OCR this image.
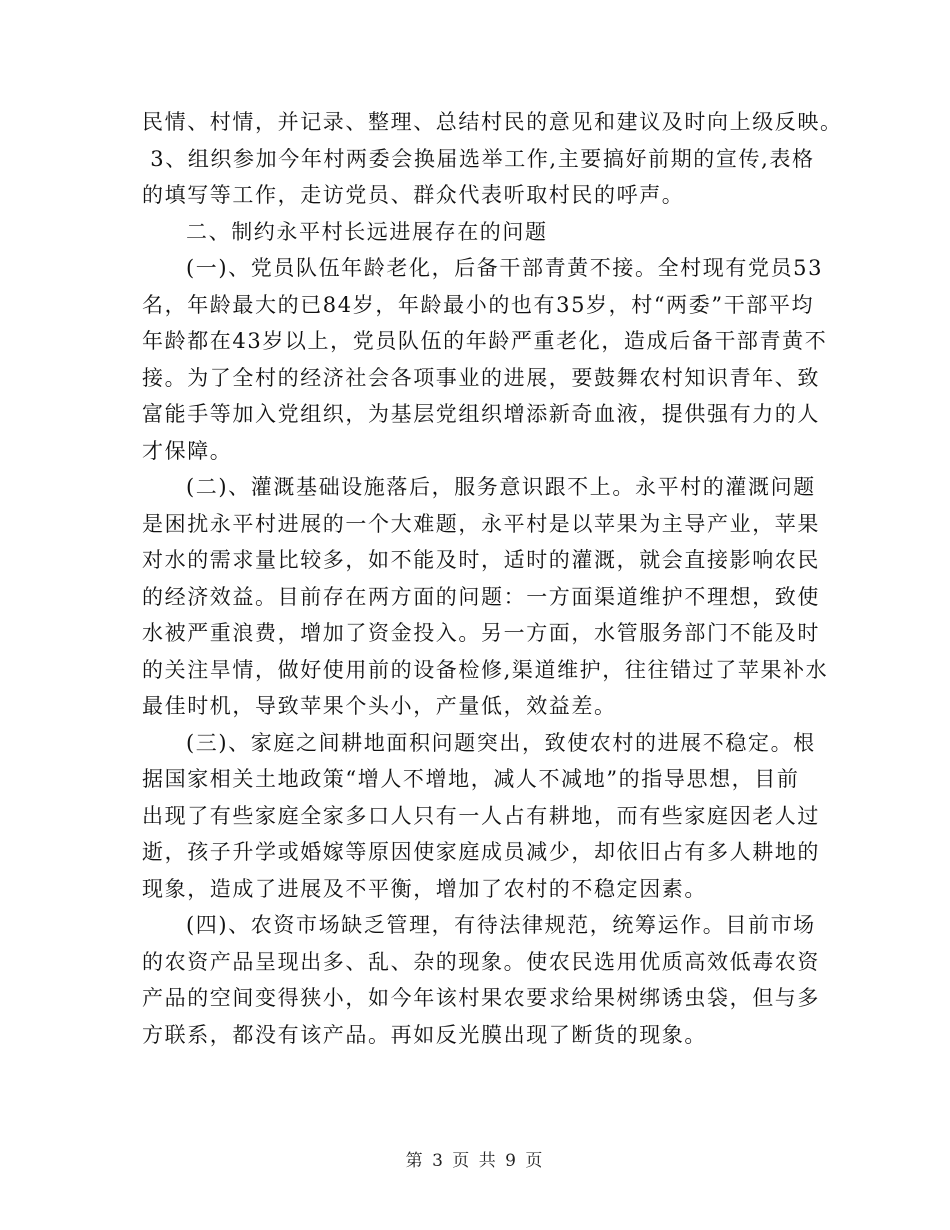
民情、村情，并记录、整理、总结村民的意见和建议及时向上级反映。
3、组织参加今年村两委会换届选举工作,主要搞好前期的宣传,表格
的填写等工作，走访党员、群众代表听取村民的呼声。
二、制约永平村长远进展存在的问题
(一)、党员队伍年龄老化，后备干部青黄不接。全村现有党员53
名，年龄最大的已84岁，年龄最小的也有35岁，村“两委”干部平均
年龄都在43岁以上，党员队伍的年龄严重老化，造成后备干部青黄不
接。为了全村的经济社会各项事业的进展，要鼓舞农村知识青年、致
富能手等加入党组织，为基层党组织增添新奇血液，提供强有力的人
才保障。
(二)、灌溉基础设施落后，服务意识跟不上。永平村的灌溉问题
是困扰永平村进展的一个大难题，永平村是以苹果为主导产业，苹果
对水的需求量比较多，如不能及时，适时的灌溉，就会直接影响农民
的经济效益。目前存在两方面的问题：一方面渠道维护不理想，致使
水被严重浪费，增加了资金投入。另一方面，水管服务部门不能及时
的关注旱情，做好使用前的设备检修,渠道维护，往往错过了苹果补水
最佳时机，导致苹果个头小，产量低，效益差。
(三)、家庭之间耕地面积问题突出，致使农村的进展不稳定。根
据国家相关土地政策“增人不增地，减人不减地”的指导思想，目前
出现了有些家庭全家多口人只有一人占有耕地，而有些家庭因老人过
逝，孩子升学或婚嫁等原因使家庭成员减少，却依旧占有多人耕地的
现象，造成了进展及不平衡，增加了农村的不稳定因素。
(四)、农资市场缺乏管理，有待法律规范，统筹运作。目前市场
的农资产品呈现出多、乱、杂的现象。使农民选用优质高效低毒农资
产品的空间变得狭小，如今年该村果农要求给果树绑诱虫袋，但与多
方联系，都没有该产品。再如反光膜出现了断货的现象。
第 3 页 共 9 页
